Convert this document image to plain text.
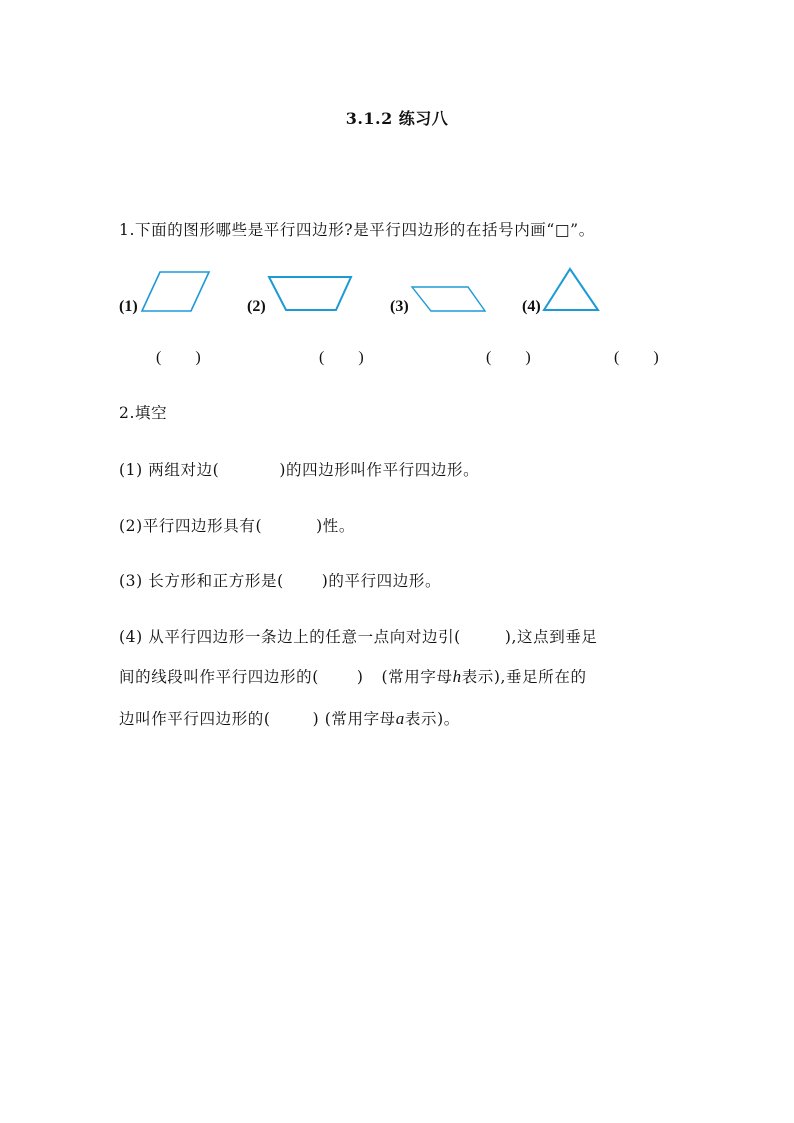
3.1.2 练习八
1.下面的图形哪些是平行四边形?是平行四边形的在括号内画“□”。
(1)	(2)	(3)	(4)
( )	( )	( )	( )
2.填空
(1) 两组对边(	)的四边形叫作平行四边形。
(2)平行四边形具有(	)性。
(3) 长方形和正方形是( )的平行四边形。
(4) 从平行四边形一条边上的任意一点向对边引(	),这点到垂足
间的线段叫作平行四边形的( ) (常用字母h表示),垂足所在的
边叫作平行四边形的(	) (常用字母a表示)。
